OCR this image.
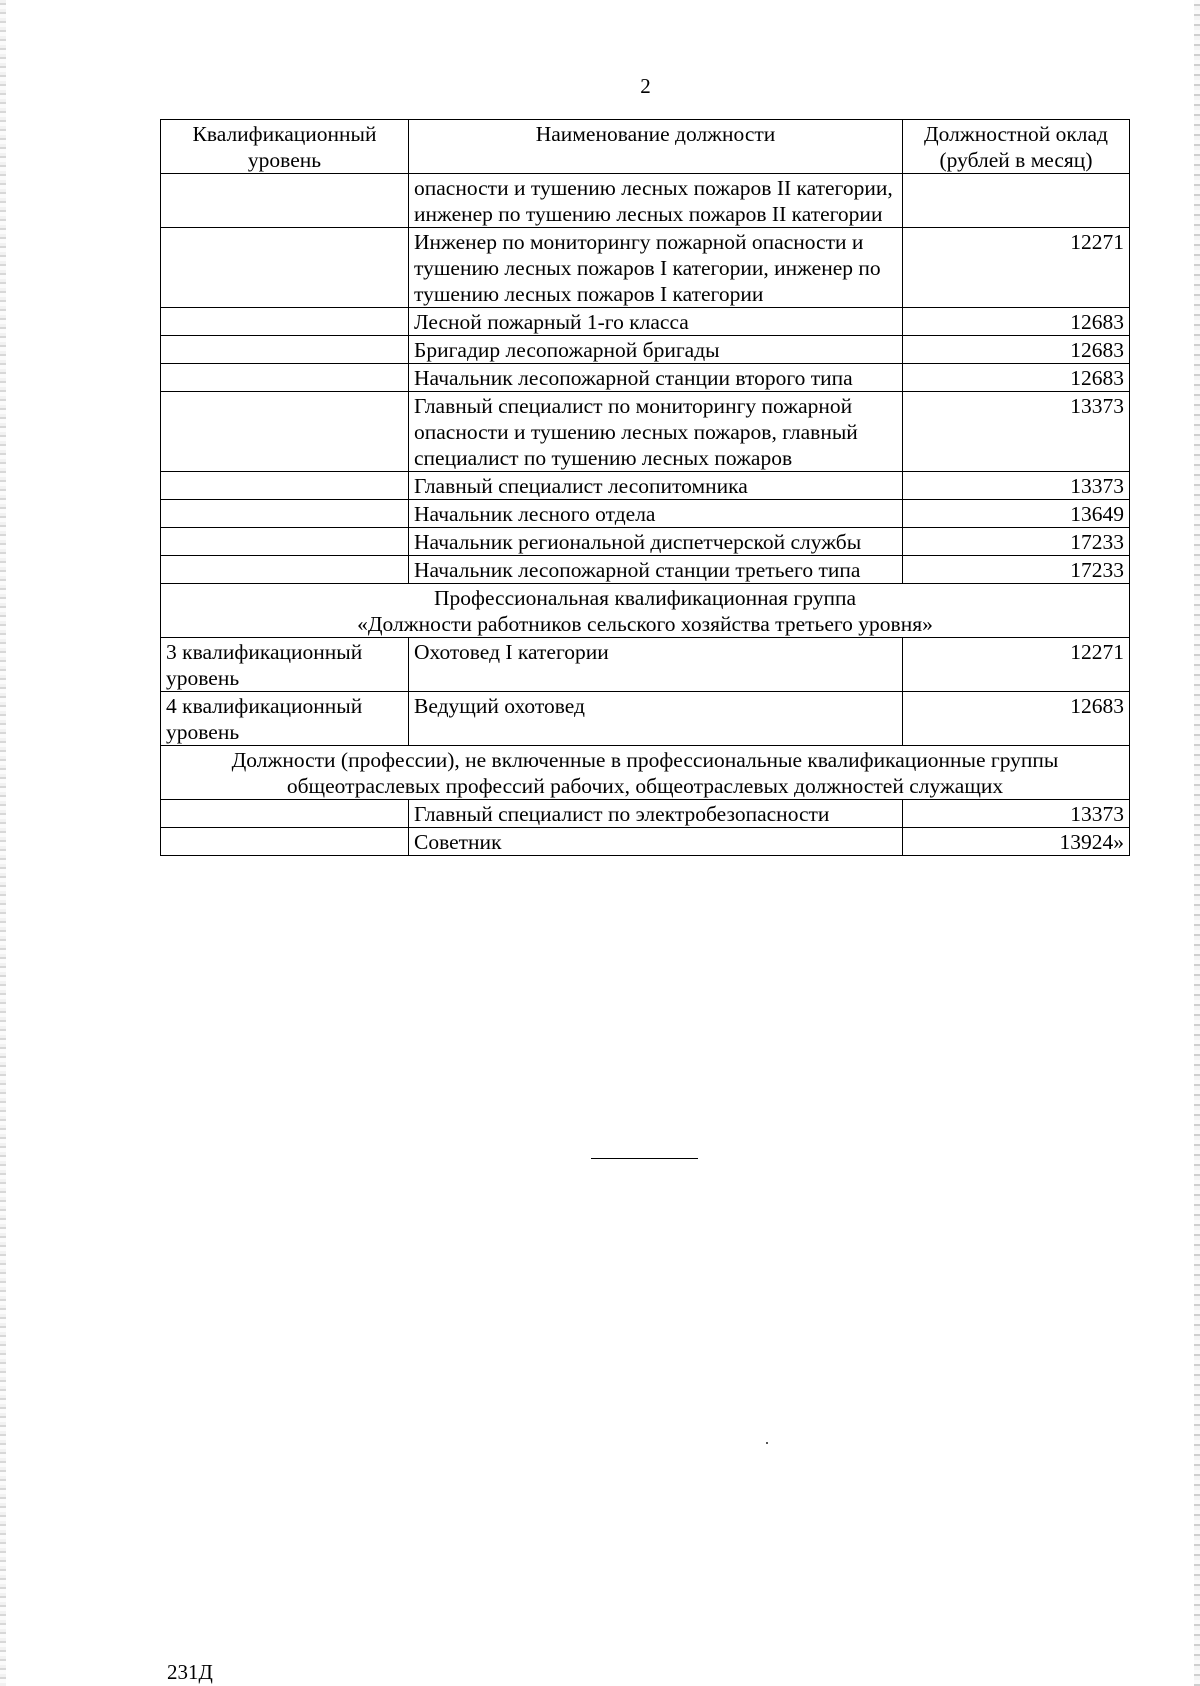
2
Квалификационный уровень	Наименование должности	Должностной оклад (рублей в месяц)
	опасности и тушению лесных пожаров II категории, инженер по тушению лесных пожаров II категории	
	Инженер по мониторингу пожарной опасности и тушению лесных пожаров I категории, инженер по тушению лесных пожаров I категории	12271
	Лесной пожарный 1-го класса	12683
	Бригадир лесопожарной бригады	12683
	Начальник лесопожарной станции второго типа	12683
	Главный специалист по мониторингу пожарной опасности и тушению лесных пожаров, главный специалист по тушению лесных пожаров	13373
	Главный специалист лесопитомника	13373
	Начальник лесного отдела	13649
	Начальник региональной диспетчерской службы	17233
	Начальник лесопожарной станции третьего типа	17233

Профессиональная квалификационная группа
«Должности работников сельского хозяйства третьего уровня»		

3 квалификационный уровень	Охотовед I категории	12271
4 квалификационный уровень	Ведущий охотовед	12683

Должности (профессии), не включенные в профессиональные квалификационные группы
общеотраслевых профессий рабочих, общеотраслевых должностей служащих		

	Главный специалист по электробезопасности	13373
	Советник	13924»
231Д
